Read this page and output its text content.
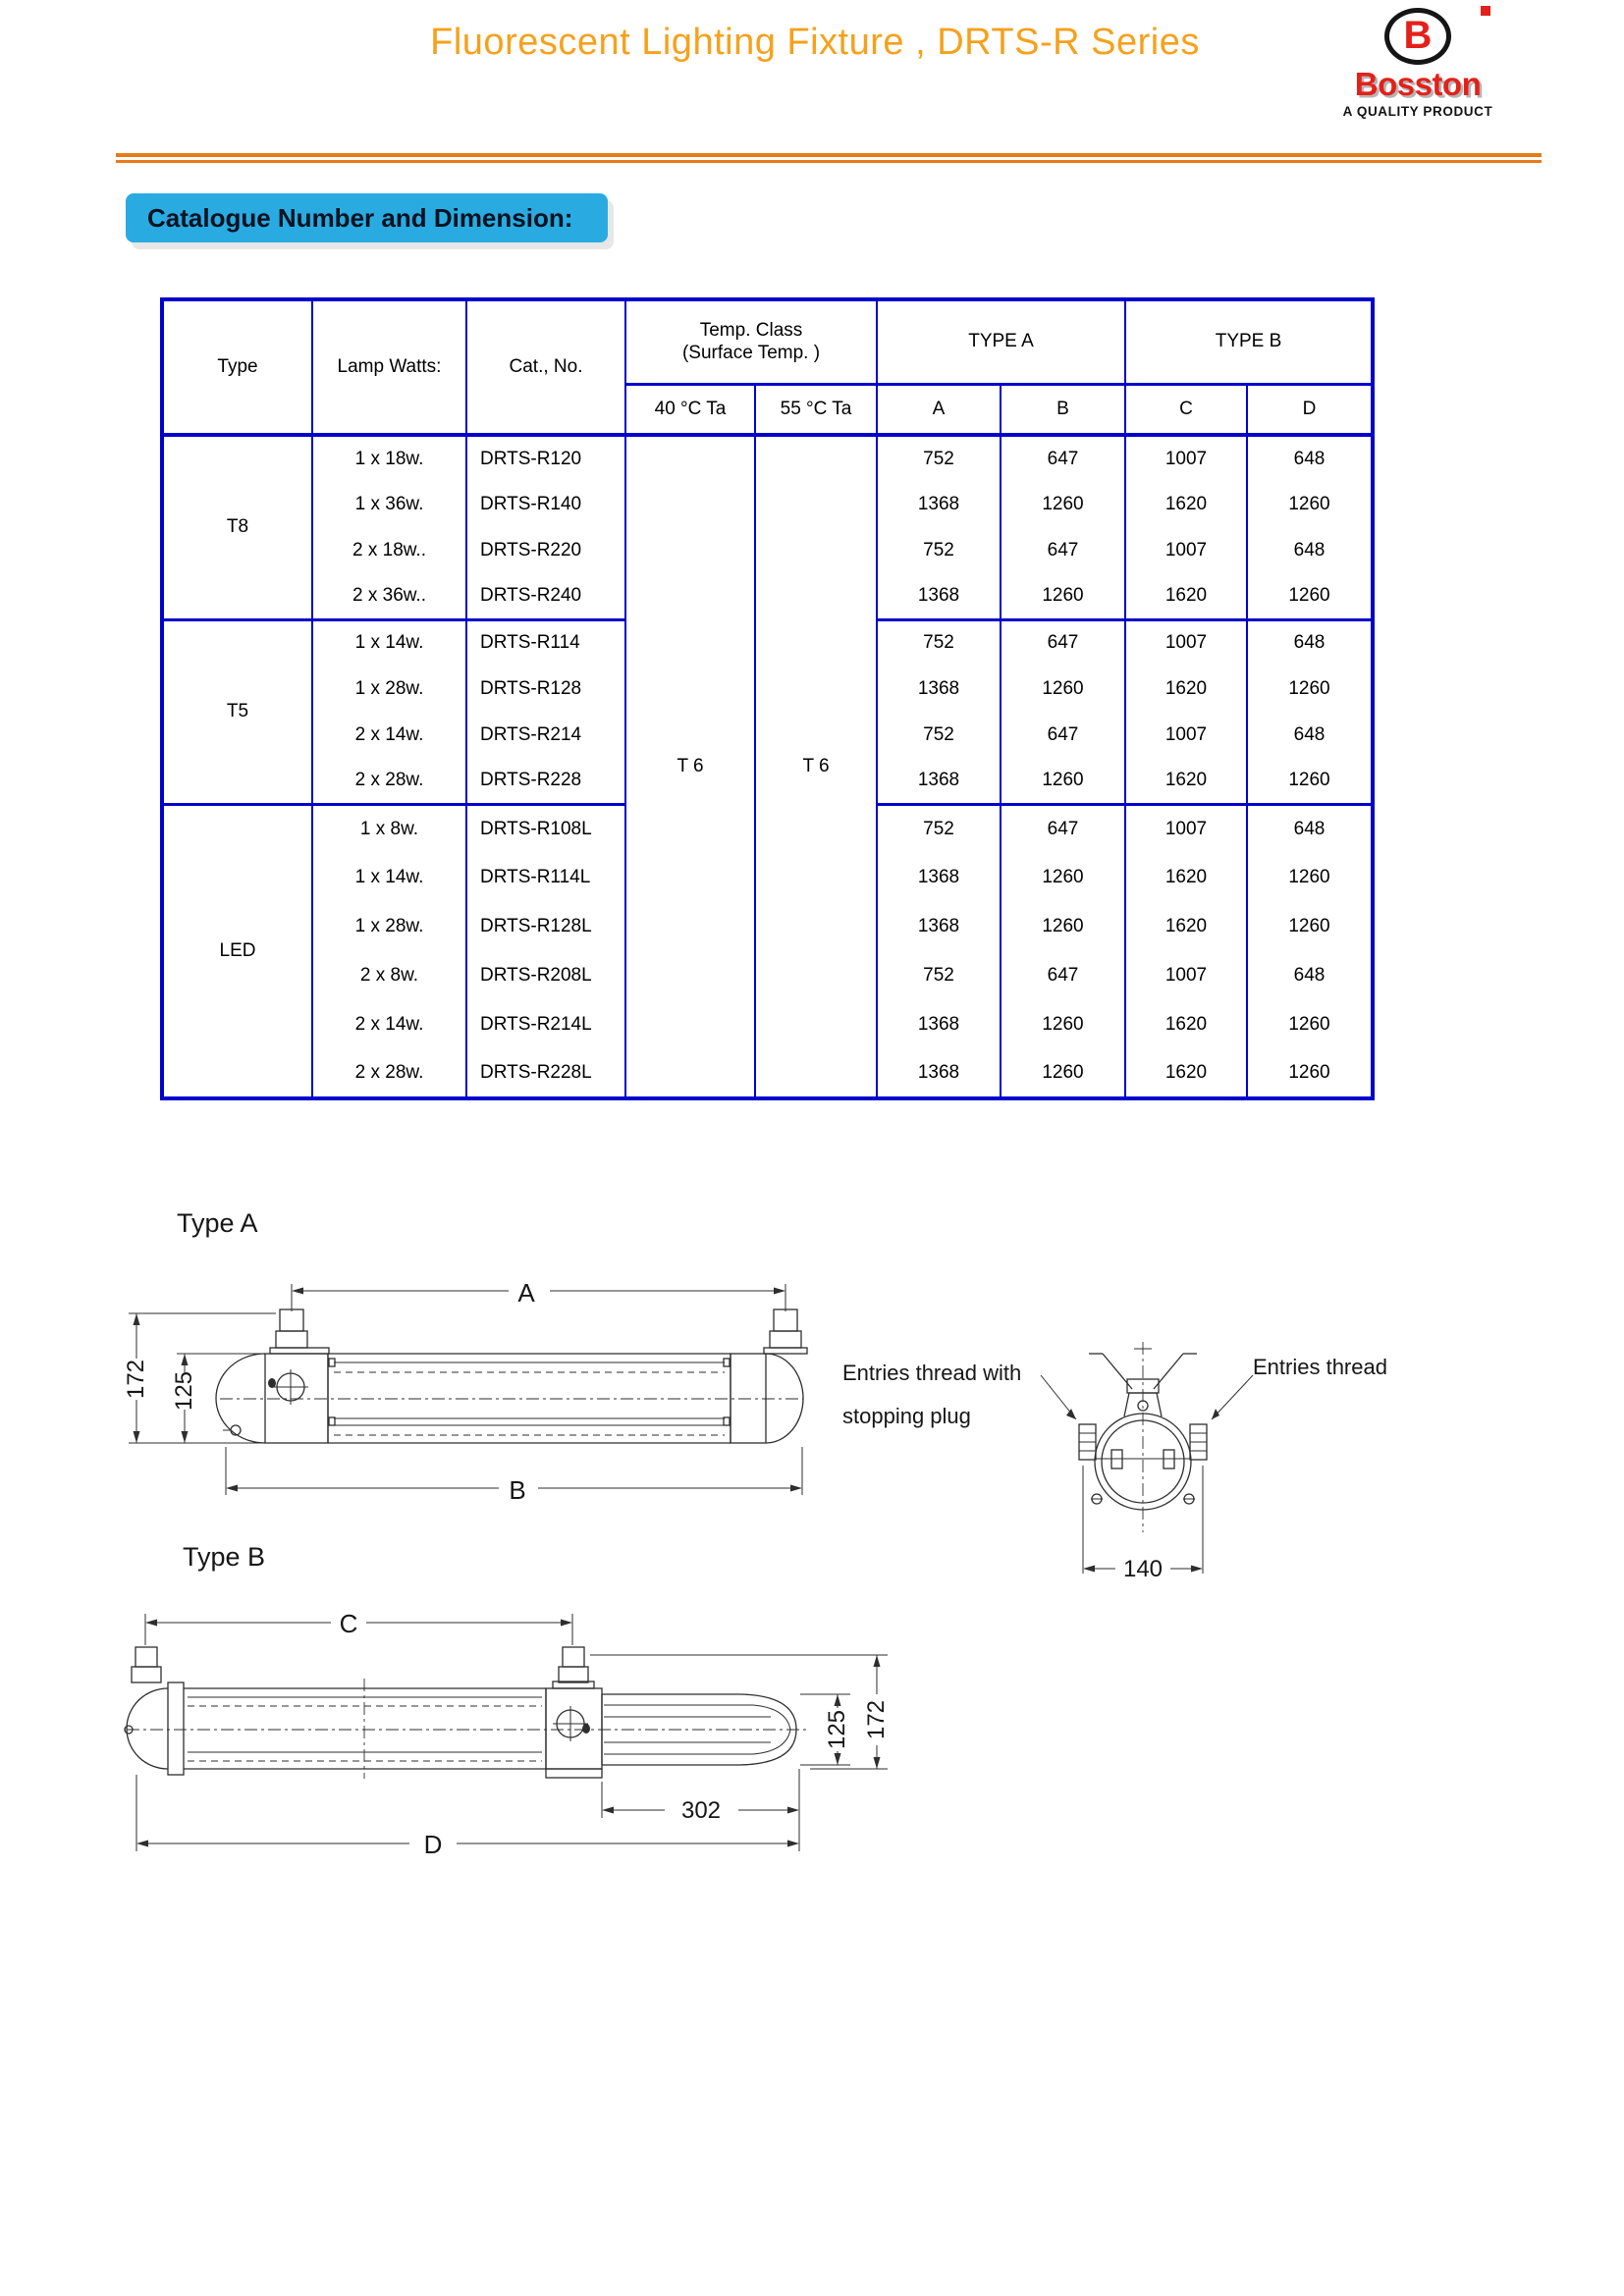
Fluorescent Lighting Fixture , DRTS-R Series	B
Bosston
A QUALITY PRODUCT
Catalogue Number and Dimension:
Type	Lamp Watts:	Cat., No.	Temp. Class
(Surface Temp. )		TYPE A		TYPE B	
			40 °C Ta	55 °C Ta	A	B	C	D
T8	1 x 18w.	DRTS-R120	T 6	T 6	752	647	1007	648
	1 x 36w.	DRTS-R140			1368	1260	1620	1260
	2 x 18w..	DRTS-R220			752	647	1007	648
	2 x 36w..	DRTS-R240			1368	1260	1620	1260
T5	1 x 14w.	DRTS-R114			752	647	1007	648
	1 x 28w.	DRTS-R128			1368	1260	1620	1260
	2 x 14w.	DRTS-R214			752	647	1007	648
	2 x 28w.	DRTS-R228			1368	1260	1620	1260
LED	1 x 8w.	DRTS-R108L			752	647	1007	648
	1 x 14w.	DRTS-R114L			1368	1260	1620	1260
	1 x 28w.	DRTS-R128L			1368	1260	1620	1260
	2 x 8w.	DRTS-R208L			752	647	1007	648
	2 x 14w.	DRTS-R214L			1368	1260	1620	1260
	2 x 28w.	DRTS-R228L			1368	1260	1620	1260
Type A
A
B
172 125	Entries thread with
stopping plug
Entries thread
140
Type B
C
D
125 172
302
